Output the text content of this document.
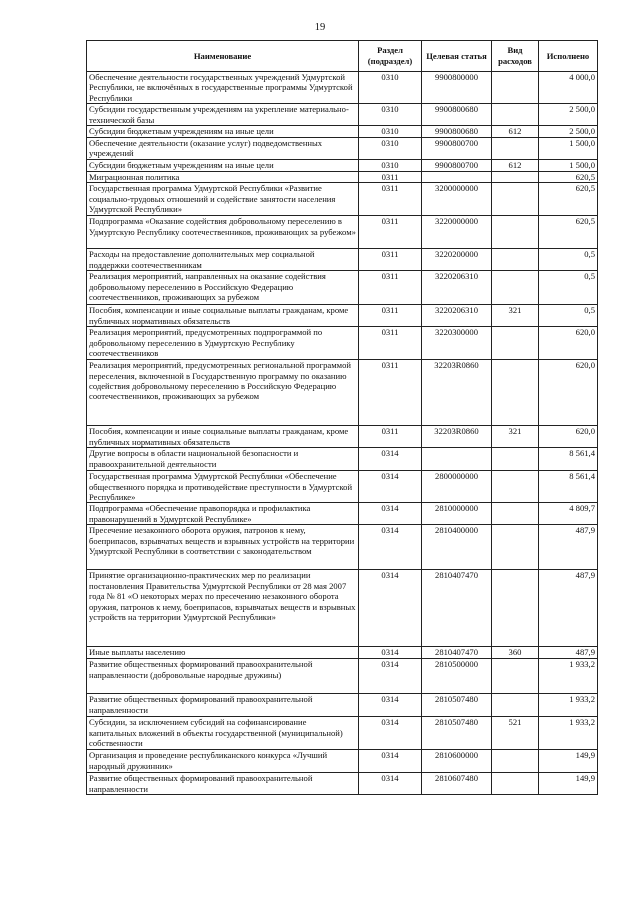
19
Наименование	Раздел (подраздел)	Целевая статья	Вид расходов	Исполнено
Обеспечение деятельности государственных учреждений Удмуртской Республики, не включённых в государственные программы Удмуртской Республики	0310	9900800000		4 000,0
Субсидии государственным учреждениям на укрепление материально-технической базы	0310	9900800680		2 500,0
Субсидии бюджетным учреждениям на иные цели	0310	9900800680	612	2 500,0
Обеспечение деятельности (оказание услуг) подведомственных учреждений	0310	9900800700		1 500,0
Субсидии бюджетным учреждениям на иные цели	0310	9900800700	612	1 500,0
Миграционная политика	0311			620,5
Государственная программа Удмуртской Республики «Развитие социально-трудовых отношений и содействие занятости населения Удмуртской Республики»	0311	3200000000		620,5
Подпрограмма «Оказание содействия добровольному переселению в Удмуртскую Республику соотечественников, проживающих за рубежом»	0311	3220000000		620,5
Расходы на предоставление дополнительных мер социальной поддержки соотечественникам	0311	3220200000		0,5
Реализация мероприятий, направленных на оказание содействия добровольному переселению в Российскую Федерацию соотечественников, проживающих за рубежом	0311	3220206310		0,5
Пособия, компенсации и иные социальные выплаты гражданам, кроме публичных нормативных обязательств	0311	3220206310	321	0,5
Реализация мероприятий, предусмотренных подпрограммой по добровольному переселению в Удмуртскую Республику соотечественников	0311	3220300000		620,0
Реализация мероприятий, предусмотренных региональной программой переселения, включенной в Государственную программу по оказанию содействия добровольному переселению в Российскую Федерацию соотечественников, проживающих за рубежом	0311	32203R0860		620,0
Пособия, компенсации и иные социальные выплаты гражданам, кроме публичных нормативных обязательств	0311	32203R0860	321	620,0
Другие вопросы в области национальной безопасности и правоохранительной деятельности	0314			8 561,4
Государственная программа Удмуртской Республики «Обеспечение общественного порядка и противодействие преступности в Удмуртской Республике»	0314	2800000000		8 561,4
Подпрограмма «Обеспечение правопорядка и профилактика правонарушений в Удмуртской Республике»	0314	2810000000		4 809,7
Пресечение незаконного оборота оружия, патронов к нему, боеприпасов, взрывчатых веществ и взрывных устройств на территории Удмуртской Республики в соответствии с законодательством	0314	2810400000		487,9
Принятие организационно-практических мер по реализации постановления Правительства Удмуртской Республики от 28 мая 2007 года № 81 «О некоторых мерах по пресечению незаконного оборота оружия, патронов к нему, боеприпасов, взрывчатых веществ и взрывных устройств на территории Удмуртской Республики»	0314	2810407470		487,9
Иные выплаты населению	0314	2810407470	360	487,9
Развитие общественных формирований правоохранительной направленности (добровольные народные дружины)	0314	2810500000		1 933,2
Развитие общественных формирований правоохранительной направленности	0314	2810507480		1 933,2
Субсидии, за исключением субсидий на софинансирование капитальных вложений в объекты государственной (муниципальной) собственности	0314	2810507480	521	1 933,2
Организация и проведение республиканского конкурса «Лучший народный дружинник»	0314	2810600000		149,9
Развитие общественных формирований правоохранительной направленности	0314	2810607480		149,9
